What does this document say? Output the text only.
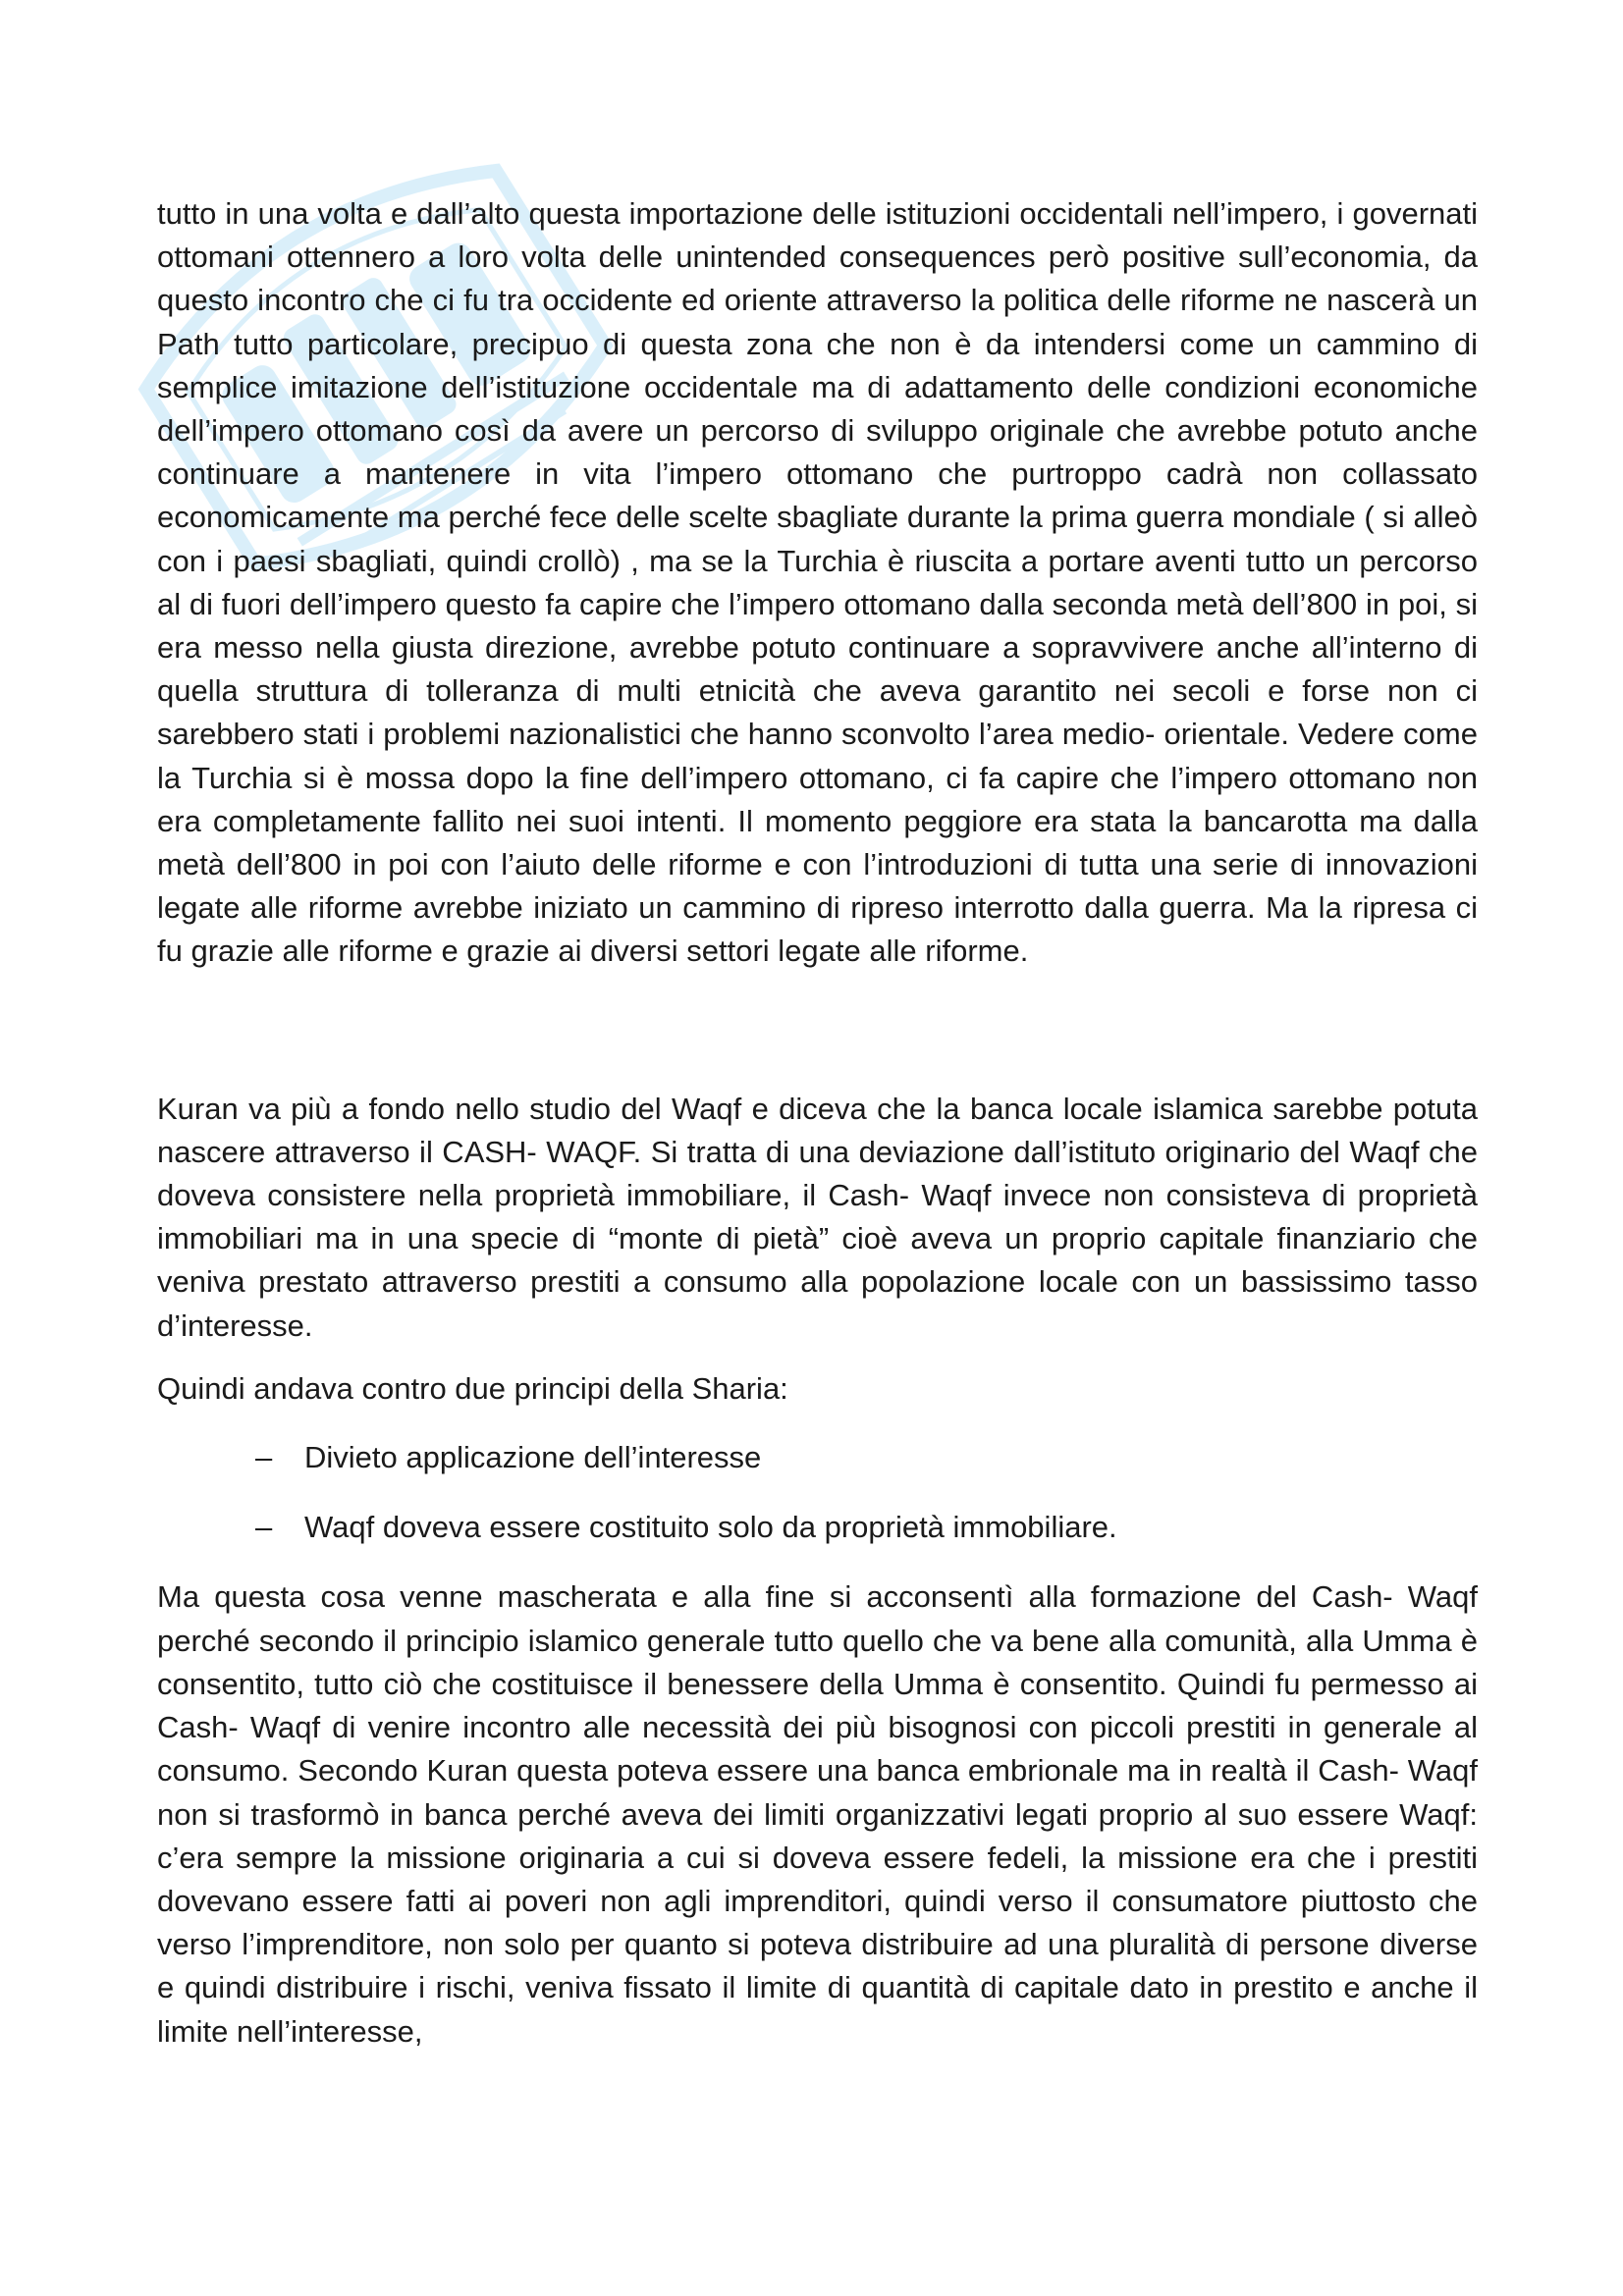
tutto in una volta e dall’alto questa importazione delle istituzioni occidentali nell’impero, i governati ottomani ottennero a loro volta delle unintended consequences però positive sull’economia, da questo incontro che ci fu tra occidente ed oriente attraverso la politica delle riforme ne nascerà un Path tutto particolare, precipuo di questa zona che non è da intendersi come un cammino di semplice imitazione dell’istituzione occidentale ma di adattamento delle condizioni economiche dell’impero ottomano così da avere un percorso di sviluppo originale che avrebbe potuto anche continuare a mantenere in vita l’impero ottomano che purtroppo cadrà non collassato economicamente ma perché fece delle scelte sbagliate durante la prima guerra mondiale ( si alleò con i paesi sbagliati, quindi crollò) , ma se la Turchia è riuscita a portare aventi tutto un percorso al di fuori dell’impero questo fa capire che l’impero ottomano dalla seconda metà dell’800 in poi, si era messo nella giusta direzione, avrebbe potuto continuare a sopravvivere anche all’interno di quella struttura di tolleranza di multi etnicità che aveva garantito nei secoli e forse non ci sarebbero stati i problemi nazionalistici che hanno sconvolto l’area medio- orientale. Vedere come la Turchia si è mossa dopo la fine dell’impero ottomano, ci fa capire che l’impero ottomano non era completamente fallito nei suoi intenti. Il momento peggiore era stata la bancarotta ma dalla metà dell’800 in poi con l’aiuto delle riforme e con l’introduzioni di tutta una serie di innovazioni legate alle riforme avrebbe iniziato un cammino di ripreso interrotto dalla guerra. Ma la ripresa ci fu grazie alle riforme e grazie ai diversi settori legate alle riforme.

Kuran va più a fondo nello studio del Waqf e diceva che la banca locale islamica sarebbe potuta nascere attraverso il CASH- WAQF. Si tratta di una deviazione dall’istituto originario del Waqf che doveva consistere nella proprietà immobiliare, il Cash- Waqf invece non consisteva di proprietà immobiliari ma in una specie di “monte di pietà” cioè aveva un proprio capitale finanziario che veniva prestato attraverso prestiti a consumo alla popolazione locale con un bassissimo tasso d’interesse.

Quindi andava contro due principi della Sharia:

– Divieto applicazione dell’interesse
– Waqf doveva essere costituito solo da proprietà immobiliare.

Ma questa cosa venne mascherata e alla fine si acconsentì alla formazione del Cash- Waqf perché secondo il principio islamico generale tutto quello che va bene alla comunità, alla Umma è consentito, tutto ciò che costituisce il benessere della Umma è consentito. Quindi fu permesso ai Cash- Waqf di venire incontro alle necessità dei più bisognosi con piccoli prestiti in generale al consumo. Secondo Kuran questa poteva essere una banca embrionale ma in realtà il Cash- Waqf non si trasformò in banca perché aveva dei limiti organizzativi legati proprio al suo essere Waqf: c’era sempre la missione originaria a cui si doveva essere fedeli, la missione era che i prestiti dovevano essere fatti ai poveri non agli imprenditori, quindi verso il consumatore piuttosto che verso l’imprenditore, non solo per quanto si poteva distribuire ad una pluralità di persone diverse e quindi distribuire i rischi, veniva fissato il limite di quantità di capitale dato in prestito e anche il limite nell’interesse,
